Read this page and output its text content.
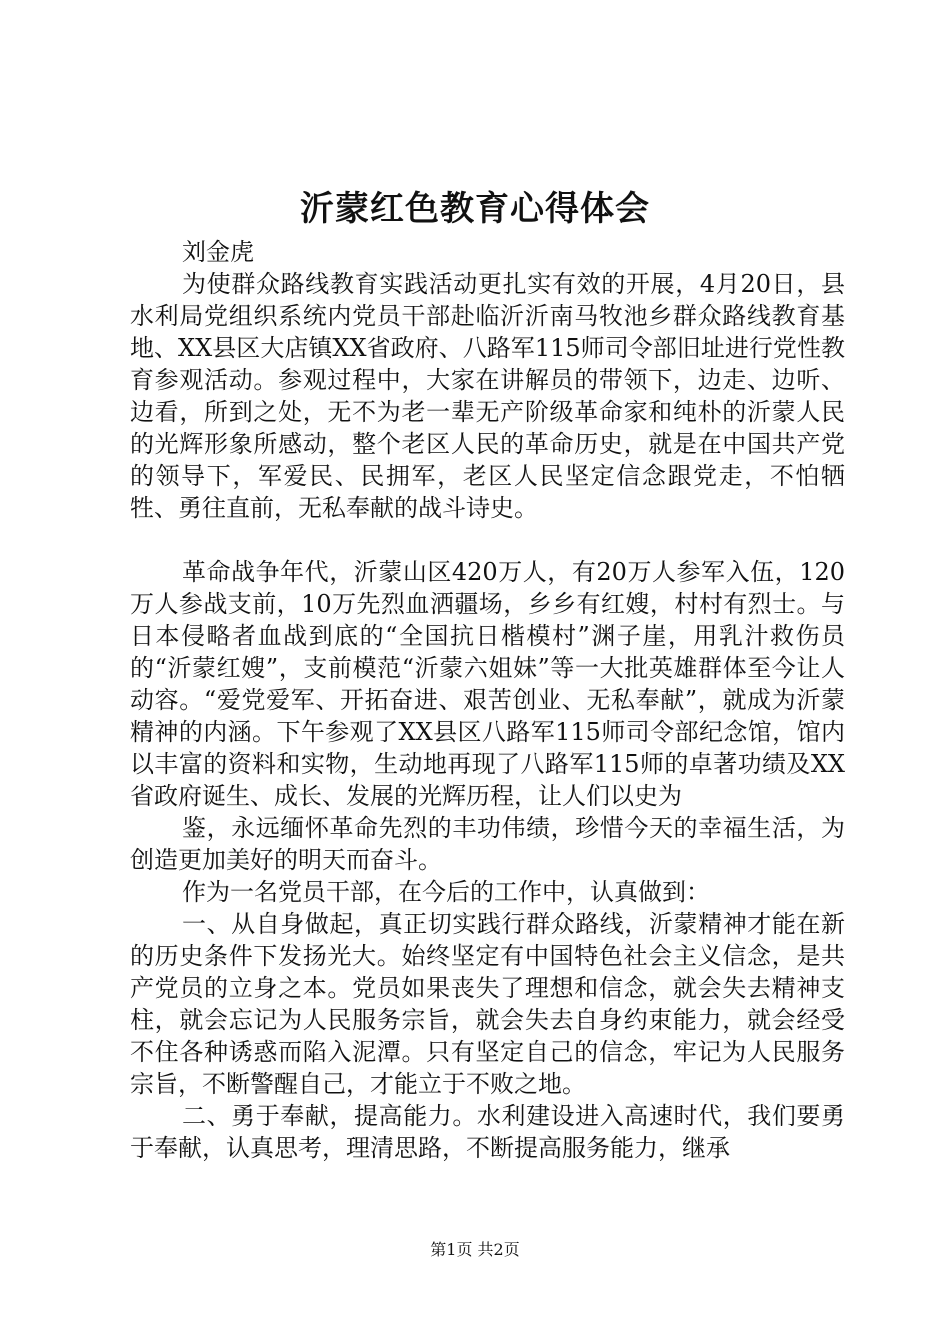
沂蒙红色教育心得体会

刘金虎

为使群众路线教育实践活动更扎实有效的开展，4月20日，县水利局党组织系统内党员干部赴临沂沂南马牧池乡群众路线教育基地、XX县区大店镇XX省政府、八路军115师司令部旧址进行党性教育参观活动。参观过程中，大家在讲解员的带领下，边走、边听、边看，所到之处，无不为老一辈无产阶级革命家和纯朴的沂蒙人民的光辉形象所感动，整个老区人民的革命历史，就是在中国共产党的领导下，军爱民、民拥军，老区人民坚定信念跟党走，不怕牺牲、勇往直前，无私奉献的战斗诗史。

革命战争年代，沂蒙山区420万人，有20万人参军入伍，120万人参战支前，10万先烈血洒疆场，乡乡有红嫂，村村有烈士。与日本侵略者血战到底的“全国抗日楷模村”渊子崖，用乳汁救伤员的“沂蒙红嫂”，支前模范“沂蒙六姐妹”等一大批英雄群体至今让人动容。“爱党爱军、开拓奋进、艰苦创业、无私奉献”，就成为沂蒙精神的内涵。下午参观了XX县区八路军115师司令部纪念馆，馆内以丰富的资料和实物，生动地再现了八路军115师的卓著功绩及XX省政府诞生、成长、发展的光辉历程，让人们以史为

鉴，永远缅怀革命先烈的丰功伟绩，珍惜今天的幸福生活，为创造更加美好的明天而奋斗。

作为一名党员干部，在今后的工作中，认真做到：

一、从自身做起，真正切实践行群众路线，沂蒙精神才能在新的历史条件下发扬光大。始终坚定有中国特色社会主义信念，是共产党员的立身之本。党员如果丧失了理想和信念，就会失去精神支柱，就会忘记为人民服务宗旨，就会失去自身约束能力，就会经受不住各种诱惑而陷入泥潭。只有坚定自己的信念，牢记为人民服务宗旨，不断警醒自己，才能立于不败之地。

二、勇于奉献，提高能力。水利建设进入高速时代，我们要勇于奉献，认真思考，理清思路，不断提高服务能力，继承

第1页 共2页
